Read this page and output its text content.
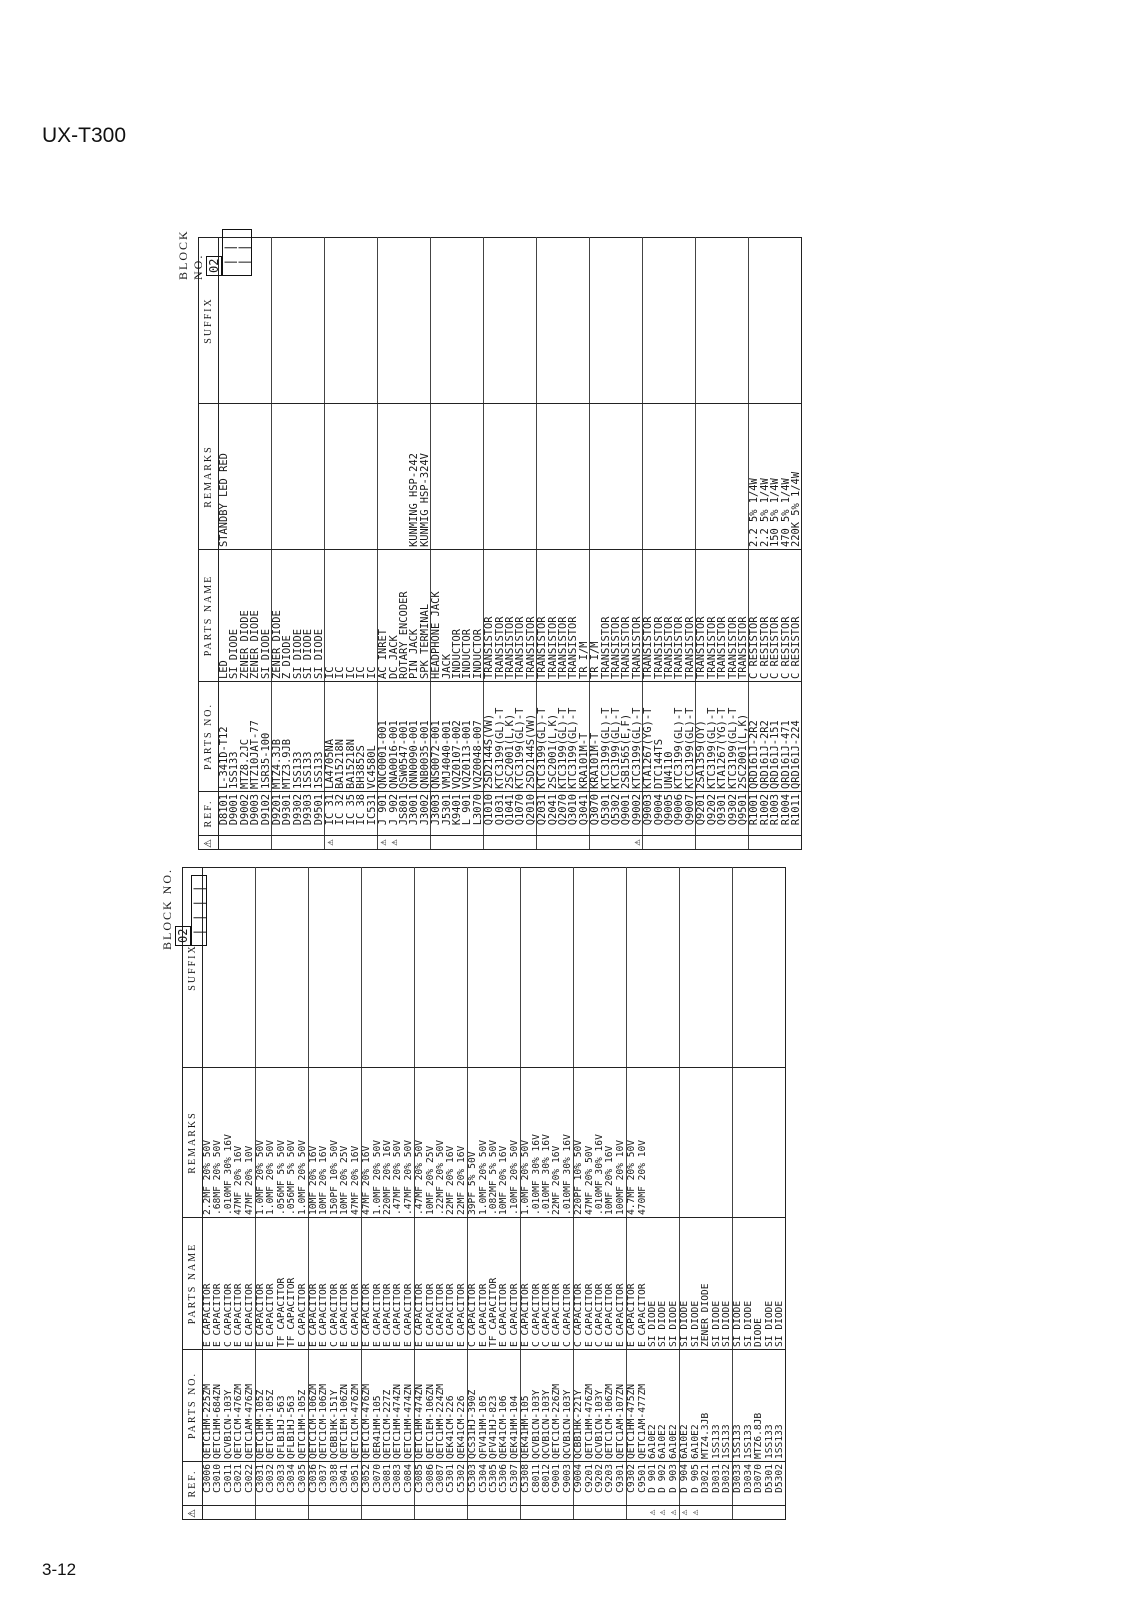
UX-T300
BLOCK NO. 02 | | | |
⚠	REF.	PARTS NO.	PARTS NAME	REMARKS	SUFFIX
	C3006	QETC1HM-225ZM	E CAPACITOR	2.2MF 20% 50V	
	C3010	QETC1HM-684ZN	E CAPACITOR	.68MF 20% 50V	
	C3011	QCVB1CN-103Y	C CAPACITOR	.010MF 30% 16V	
	C3021	QETC1CM-476ZM	E CAPACITOR	47MF 20% 16V	
	C3022	QETC1AM-476ZM	E CAPACITOR	47MF 20% 10V	
	C3031	QETC1HM-105Z	E CAPACITOR	1.0MF 20% 50V	
	C3032	QETC1HM-105Z	E CAPACITOR	1.0MF 20% 50V	
	C3033	QFLB1HJ-563	TF CAPACITOR	.056MF 5% 50V	
	C3034	QFLB1HJ-563	TF CAPACITOR	.056MF 5% 50V	
	C3035	QETC1HM-105Z	E CAPACITOR	1.0MF 20% 50V	
	C3036	QETC1CM-106ZM	E CAPACITOR	10MF 20% 16V	
	C3037	QETC1CM-106ZM	E CAPACITOR	10MF 20% 16V	
	C3038	QCBB1HK-151Y	C CAPACITOR	150PF 10% 50V	
	C3041	QETC1EM-106ZN	E CAPACITOR	10MF 20% 25V	
	C3051	QETC1CM-476ZM	E CAPACITOR	47MF 20% 16V	
	C3052	QETC1CM-476ZM	E CAPACITOR	47MF 20% 16V	
	C3070	QER41HM-105	E CAPACITOR	1.0MF 20% 50V	
	C3081	QETC1CM-227Z	E CAPACITOR	220MF 20% 16V	
	C3083	QETC1HM-474ZN	E CAPACITOR	.47MF 20% 50V	
	C3084	QETC1HM-474ZN	E CAPACITOR	.47MF 20% 50V	
	C3085	QETC1HM-474ZN	E CAPACITOR	.47MF 20% 50V	
	C3086	QETC1EM-106ZN	E CAPACITOR	10MF 20% 25V	
	C3087	QETC1HM-224ZM	E CAPACITOR	.22MF 20% 50V	
	C5301	QEK41CM-226	E CAPACITOR	22MF 20% 16V	
	C5302	QEK41CM-226	E CAPACITOR	22MF 20% 16V	
	C5303	QCS31HJ-390Z	C CAPACITOR	39PF 5% 50V	
	C5304	QFV41HM-105	E CAPACITOR	1.0MF 20% 50V	
	C5305	QFV41HJ-823	TF CAPACITOR	.082MF 5% 50V	
	C5306	QEK41CM-106	E CAPACITOR	10MF 20% 16V	
	C5307	QEK41HM-104	E CAPACITOR	.10MF 20% 50V	
	C5308	QEK41HM-105	E CAPACITOR	1.0MF 20% 50V	
	C8011	QCVB1CN-103Y	C CAPACITOR	.010MF 30% 16V	
	C8012	QCVB1CN-103Y	C CAPACITOR	.010MF 30% 16V	
	C9001	QETC1CM-226ZM	E CAPACITOR	22MF 20% 16V	
	C9003	QCVB1CN-103Y	C CAPACITOR	.010MF 30% 16V	
	C9004	QCBB1HK-221Y	C CAPACITOR	220PF 10% 50V	
	C9201	QETC1HM-476ZM	E CAPACITOR	47MF 20% 50V	
	C9202	QCVB1CN-103Y	C CAPACITOR	.010MF 30% 16V	
	C9203	QETC1CM-106ZM	E CAPACITOR	10MF 20% 16V	
	C9301	QETC1AM-107ZN	E CAPACITOR	100MF 20% 10V	
	C9302	QETC1HM-475ZN	E CAPACITOR	4.7MF 20% 50V	
	C9501	QETC1AM-477ZM	E CAPACITOR	470MF 20% 10V	
⚠	D 901	6A10E2	SI DIODE		
⚠	D 902	6A10E2	SI DIODE		
⚠	D 903	6A10E2	SI DIODE		
⚠	D 904	6A10E2	SI DIODE		
⚠	D 905	6A10E2	SI DIODE		
	D3021	MTZ4.3JB	ZENER DIODE		
	D3031	1SS133	SI DIODE		
	D3032	1SS133	SI DIODE		
	D3033	1SS133	SI DIODE		
	D3034	1SS133	SI DIODE		
	D3070	MTZ6.8JB	DIODE		
	D5301	1SS133	SI DIODE		
	D5302	1SS133	SI DIODE		
BLOCK NO. 02 | | | |
⚠	REF.	PARTS NO.	PARTS NAME	REMARKS	SUFFIX
	D8101	L-341D-T12	LED	STANDBY LED RED	
	D9001	1SS133	SI DIODE		
	D9002	MTZ8.2JC	ZENER DIODE		
	D9003	MTZ10JAT-77	ZENER DIODE		
	D9102	1SR35-100	SI DIODE		
	D9201	MTZ4.3JB	ZENER DIODE		
	D9301	MTZ3.9JB	Z DIODE		
	D9302	1SS133	SI DIODE		
	D9303	1SS133	SI DIODE		
	D9501	1SS133	SI DIODE		
⚠	IC 31	LA4705NA	IC		
	IC 32	BA15218N	IC		
	IC 35	BA15218N	IC		
	IC 38	BH3852S	IC		
	IC531	VC4580L	IC		
⚠	J 901	QNC0001-001	AC INRET		
⚠	J 902	QNA0016-001	DC JACK		
	JS801	QSW0547-001	ROTARY ENCODER		
	J3001	QNN0090-001	PIN JACK	KUNMING HSP-242	
	J3002	QNB0035-001	SPK TERMINAL	KUNMIG HSP-324V	
	J3003	QNS0072-001	HEADPHONE JACK		
	J5301	VMJ4040-001	JACK		
	K9401	VQZ0107-002	INDUCTOR		
	L 901	VQZ0113-001	INDUCTOR		
	L3070	VQZ0048-007	INDUCTOR		
	Q1010	2SD2144S(VW)	TRANSISTOR		
	Q1031	KTC3199(GL)-T	TRANSISTOR		
	Q1041	2SC2001(L,K)	TRANSISTOR		
	Q1070	KTC3199(GL)-T	TRANSISTOR		
	Q2010	2SD2144S(VW)	TRANSISTOR		
	Q2031	KTC3199(GL)-T	TRANSISTOR		
	Q2041	2SC2001(L,K)	TRANSISTOR		
	Q2070	KTC3199(GL)-T	TRANSISTOR		
	Q3010	KTC3199(GL)-T	TRANSISTOR		
	Q3041	KRA101M-T	TR I/M		
	Q3070	KRA101M-T	TR I/M		
	Q5301	KTC3199(GL)-T	TRANSISTOR		
	Q5302	KTC3199(GL)-T	TRANSISTOR		
	Q9001	2SB1565(E,F)	TRANSISTOR		
⚠	Q9002	KTC3199(GL)-T	TRANSISTOR		
	Q9003	KTA1267(YG)-T	TRANSISTOR		
	Q9004	DTC144TS	TRANSISTOR		
	Q9005	UN4110	TRANSISTOR		
	Q9006	KTC3199(GL)-T	TRANSISTOR		
	Q9007	KTC3199(GL)-T	TRANSISTOR		
	Q9201	2SA1359(OY)	TRANSISTOR		
	Q9202	KTC3199(GL)-T	TRANSISTOR		
	Q9301	KTA1267(YG)-T	TRANSISTOR		
	Q9302	KTC3199(GL)-T	TRANSISTOR		
	Q9501	2SC2001(L,K)	TRANSISTOR		
	R1001	QRD161J-2R2	C RESISTOR	2.2 5% 1/4W	
	R1002	QRD161J-2R2	C RESISTOR	2.2 5% 1/4W	
	R1003	QRD161J-151	C RESISTOR	150 5% 1/4W	
	R1004	QRD161J-471	C RESISTOR	470 5% 1/4W	
	R1011	QRD161J-224	C RESISTOR	220K 5% 1/4W	
3-12
